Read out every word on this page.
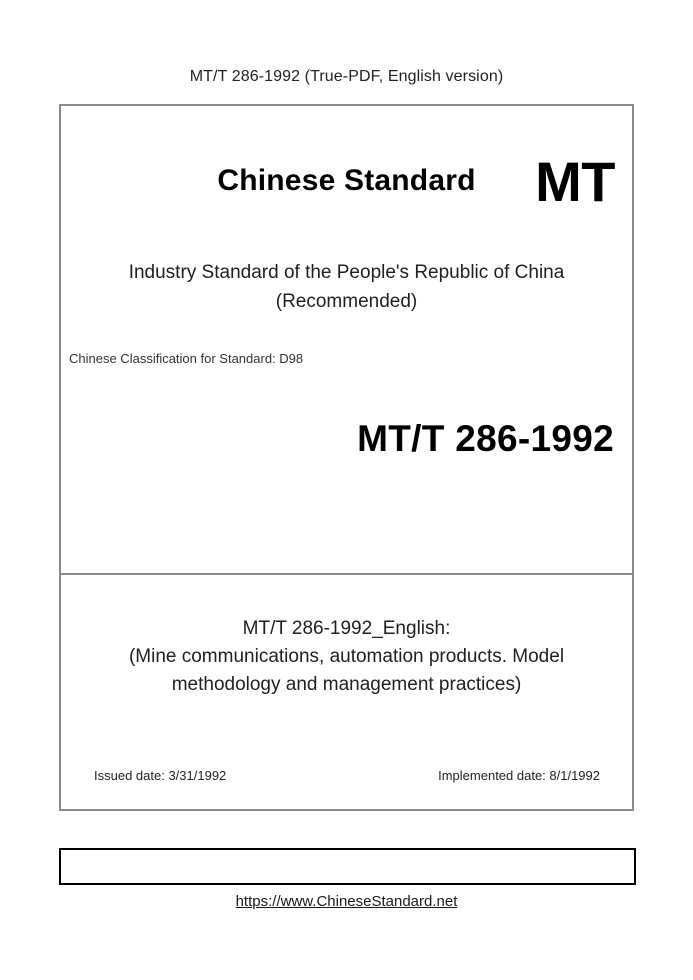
MT/T 286-1992 (True-PDF, English version)
Chinese Standard	MT
Industry Standard of the People's Republic of China
(Recommended)
Chinese Classification for Standard: D98
MT/T 286-1992
MT/T 286-1992_English:
(Mine communications, automation products. Model
methodology and management practices)
Issued date: 3/31/1992	Implemented date: 8/1/1992
https://www.ChineseStandard.net
